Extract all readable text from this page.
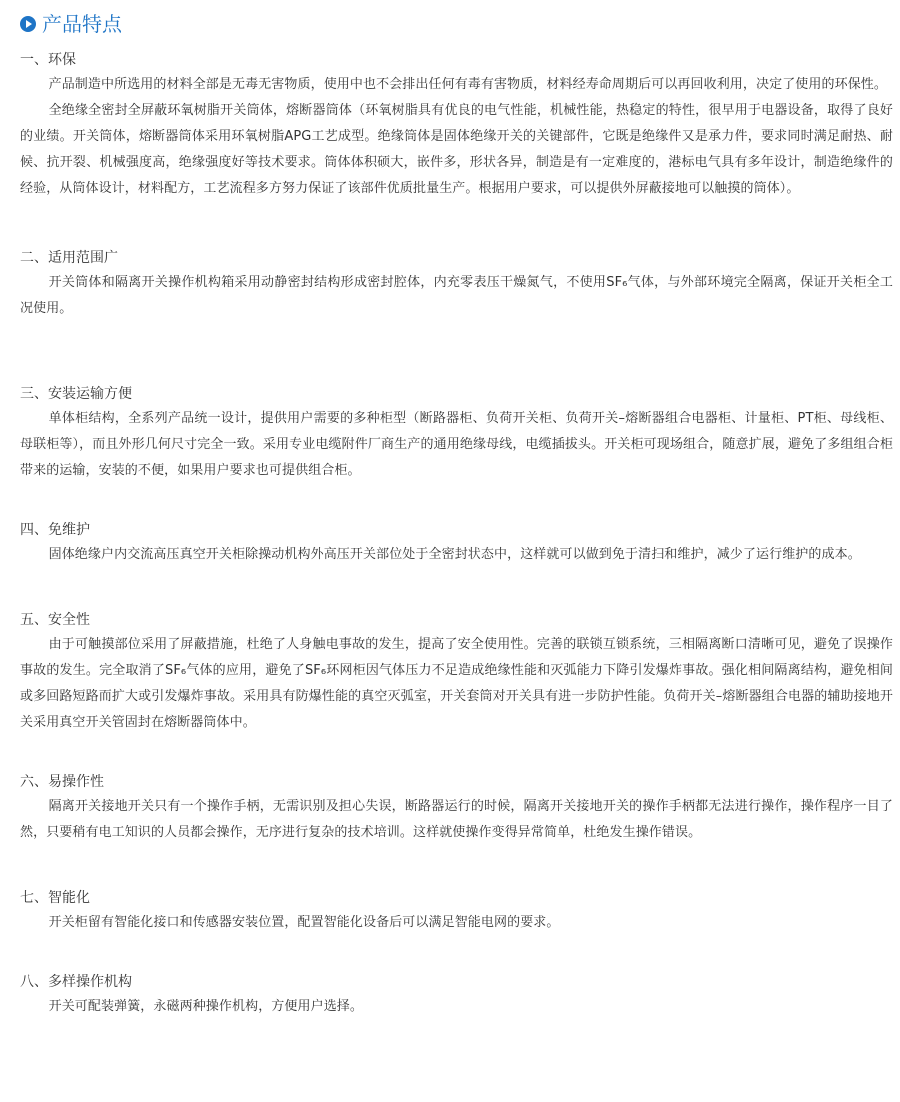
产品特点
一、环保

产品制造中所选用的材料全部是无毒无害物质，使用中也不会排出任何有毒有害物质，材料经寿命周期后可以再回收利用，决定了使用的环保性。

全绝缘全密封全屏蔽环氧树脂开关筒体，熔断器筒体（环氧树脂具有优良的电气性能，机械性能，热稳定的特性，很早用于电器设备，取得了良好的业绩。开关筒体，熔断器筒体采用环氧树脂APG工艺成型。绝缘筒体是固体绝缘开关的关键部件，它既是绝缘件又是承力件，要求同时满足耐热、耐候、抗开裂、机械强度高，绝缘强度好等技术要求。筒体体积硕大，嵌件多，形状各异，制造是有一定难度的，港标电气具有多年设计，制造绝缘件的经验，从筒体设计，材料配方，工艺流程多方努力保证了该部件优质批量生产。根据用户要求，可以提供外屏蔽接地可以触摸的筒体）。

二、适用范围广

开关筒体和隔离开关操作机构箱采用动静密封结构形成密封腔体，内充零表压干燥氮气，不使用SF₆气体，与外部环境完全隔离，保证开关柜全工况使用。

三、安装运输方便

单体柜结构，全系列产品统一设计，提供用户需要的多种柜型（断路器柜、负荷开关柜、负荷开关–熔断器组合电器柜、计量柜、PT柜、母线柜、母联柜等），而且外形几何尺寸完全一致。采用专业电缆附件厂商生产的通用绝缘母线，电缆插拔头。开关柜可现场组合，随意扩展，避免了多组组合柜带来的运输，安装的不便，如果用户要求也可提供组合柜。

四、免维护

固体绝缘户内交流高压真空开关柜除操动机构外高压开关部位处于全密封状态中，这样就可以做到免于清扫和维护，减少了运行维护的成本。

五、安全性

由于可触摸部位采用了屏蔽措施，杜绝了人身触电事故的发生，提高了安全使用性。完善的联锁互锁系统，三相隔离断口清晰可见，避免了误操作事故的发生。完全取消了SF₆气体的应用，避免了SF₆环网柜因气体压力不足造成绝缘性能和灭弧能力下降引发爆炸事故。强化相间隔离结构，避免相间或多回路短路而扩大或引发爆炸事故。采用具有防爆性能的真空灭弧室，开关套筒对开关具有进一步防护性能。负荷开关–熔断器组合电器的辅助接地开关采用真空开关管固封在熔断器筒体中。

六、易操作性

隔离开关接地开关只有一个操作手柄，无需识别及担心失误，断路器运行的时候，隔离开关接地开关的操作手柄都无法进行操作，操作程序一目了然，只要稍有电工知识的人员都会操作，无序进行复杂的技术培训。这样就使操作变得异常简单，杜绝发生操作错误。

七、智能化

开关柜留有智能化接口和传感器安装位置，配置智能化设备后可以满足智能电网的要求。

八、多样操作机构

开关可配装弹簧，永磁两种操作机构，方便用户选择。
